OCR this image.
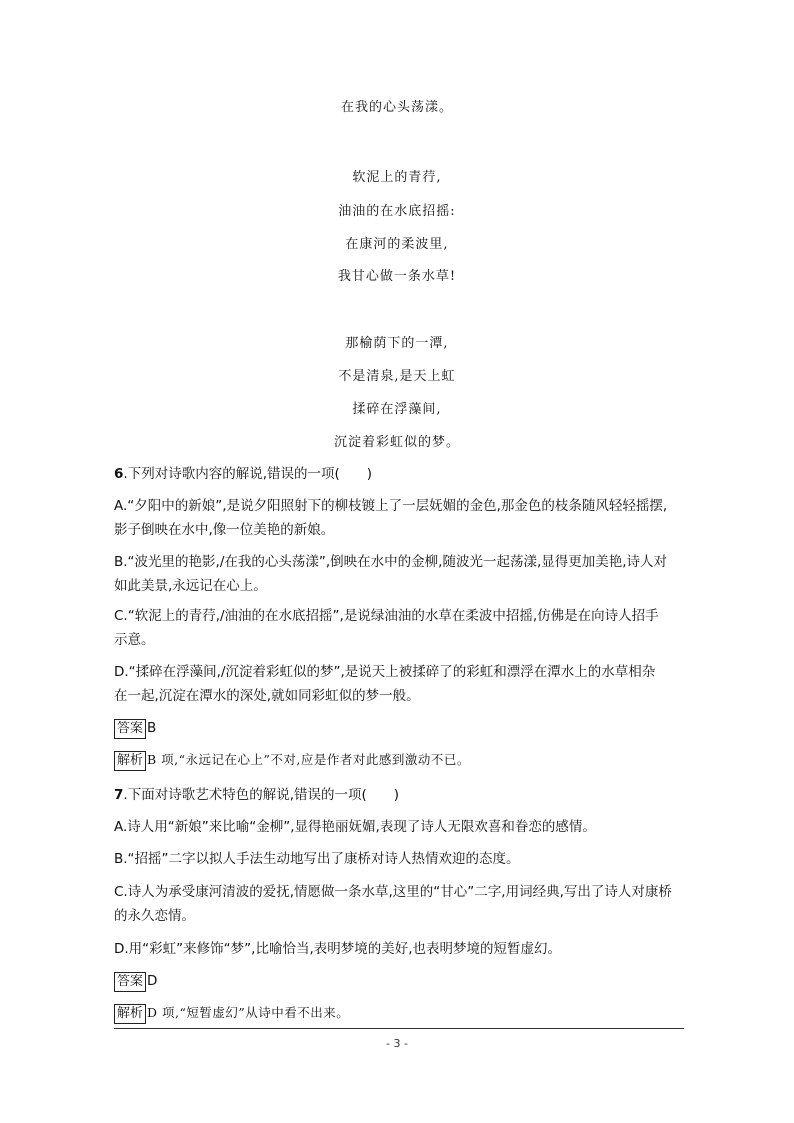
在我的心头荡漾。
软泥上的青荇,
油油的在水底招摇:
在康河的柔波里,
我甘心做一条水草!
那榆荫下的一潭,
不是清泉,是天上虹
揉碎在浮藻间,
沉淀着彩虹似的梦。
6.下列对诗歌内容的解说,错误的一项(　　)
A.“夕阳中的新娘”,是说夕阳照射下的柳枝镀上了一层妩媚的金色,那金色的枝条随风轻轻摇摆,
影子倒映在水中,像一位美艳的新娘。
B.“波光里的艳影,/在我的心头荡漾”,倒映在水中的金柳,随波光一起荡漾,显得更加美艳,诗人对
如此美景,永远记在心上。
C.“软泥上的青荇,/油油的在水底招摇”,是说绿油油的水草在柔波中招摇,仿佛是在向诗人招手
示意。
D.“揉碎在浮藻间,/沉淀着彩虹似的梦”,是说天上被揉碎了的彩虹和漂浮在潭水上的水草相杂
在一起,沉淀在潭水的深处,就如同彩虹似的梦一般。
答案 B
解析 B 项,“永远记在心上”不对,应是作者对此感到激动不已。
7.下面对诗歌艺术特色的解说,错误的一项(　　)
A.诗人用“新娘”来比喻“金柳”,显得艳丽妩媚,表现了诗人无限欢喜和眷恋的感情。
B.“招摇”二字以拟人手法生动地写出了康桥对诗人热情欢迎的态度。
C.诗人为承受康河清波的爱抚,情愿做一条水草,这里的“甘心”二字,用词经典,写出了诗人对康桥
的永久恋情。
D.用“彩虹”来修饰“梦”,比喻恰当,表明梦境的美好,也表明梦境的短暂虚幻。
答案 D
解析 D 项,“短暂虚幻”从诗中看不出来。
- 3 -
